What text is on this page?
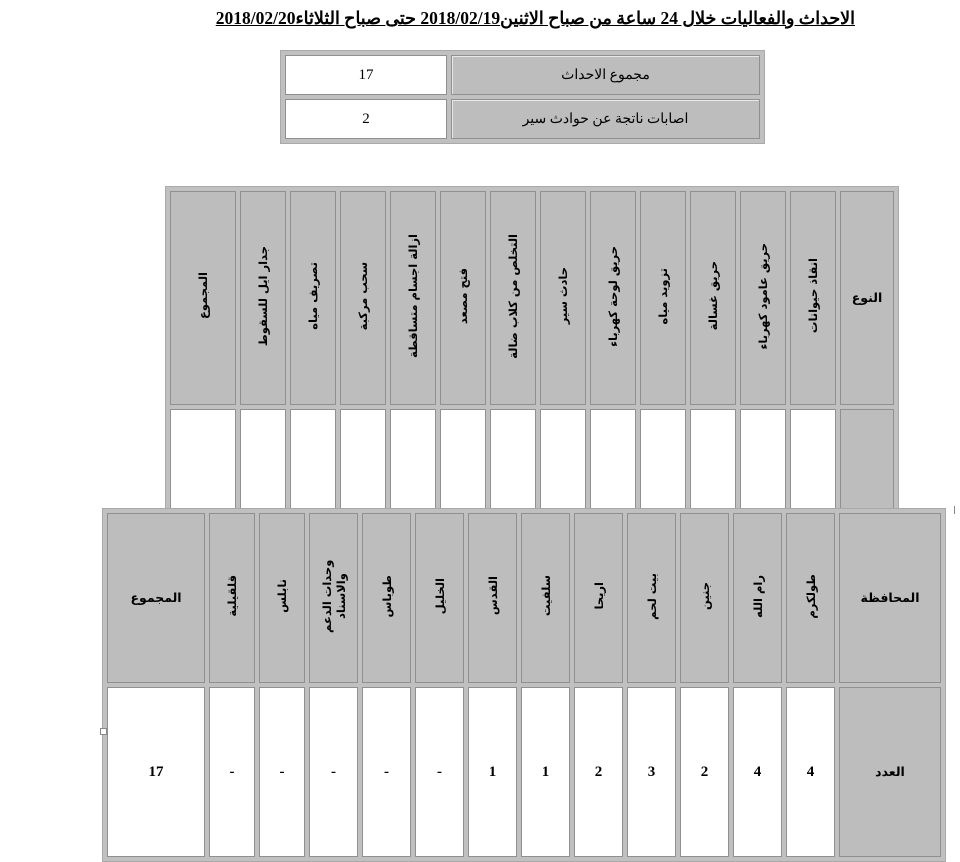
الاحداث والفعاليات خلال 24 ساعة من صباح الاثنين2018/02/19 حتى صباح الثلاثاء2018/02/20
17	مجموع الاحداث
2	اصابات ناتجة عن حوادث سير
المجموع	جدار ايل للسقوط	تصريف مياه	سحب مركبة	ازالة اجسام متساقطة	فتح مصعد	التخلص من كلاب ضالة	حادث سير	حريق لوحة كهرباء	تزويد مياه	حريق غسالة	حريق عامود كهرباء	انقاذ حيوانات	النوع

المجموع	قلقيلية	نابلس	وحدات الدعم والاسناد	طوباس	الخليل	القدس	سلفيت	اريحا	بيت لحم	جنين	رام الله	طولكرم	المحافظة
17	-	-	-	-	-	1	1	2	3	2	4	4	العدد
